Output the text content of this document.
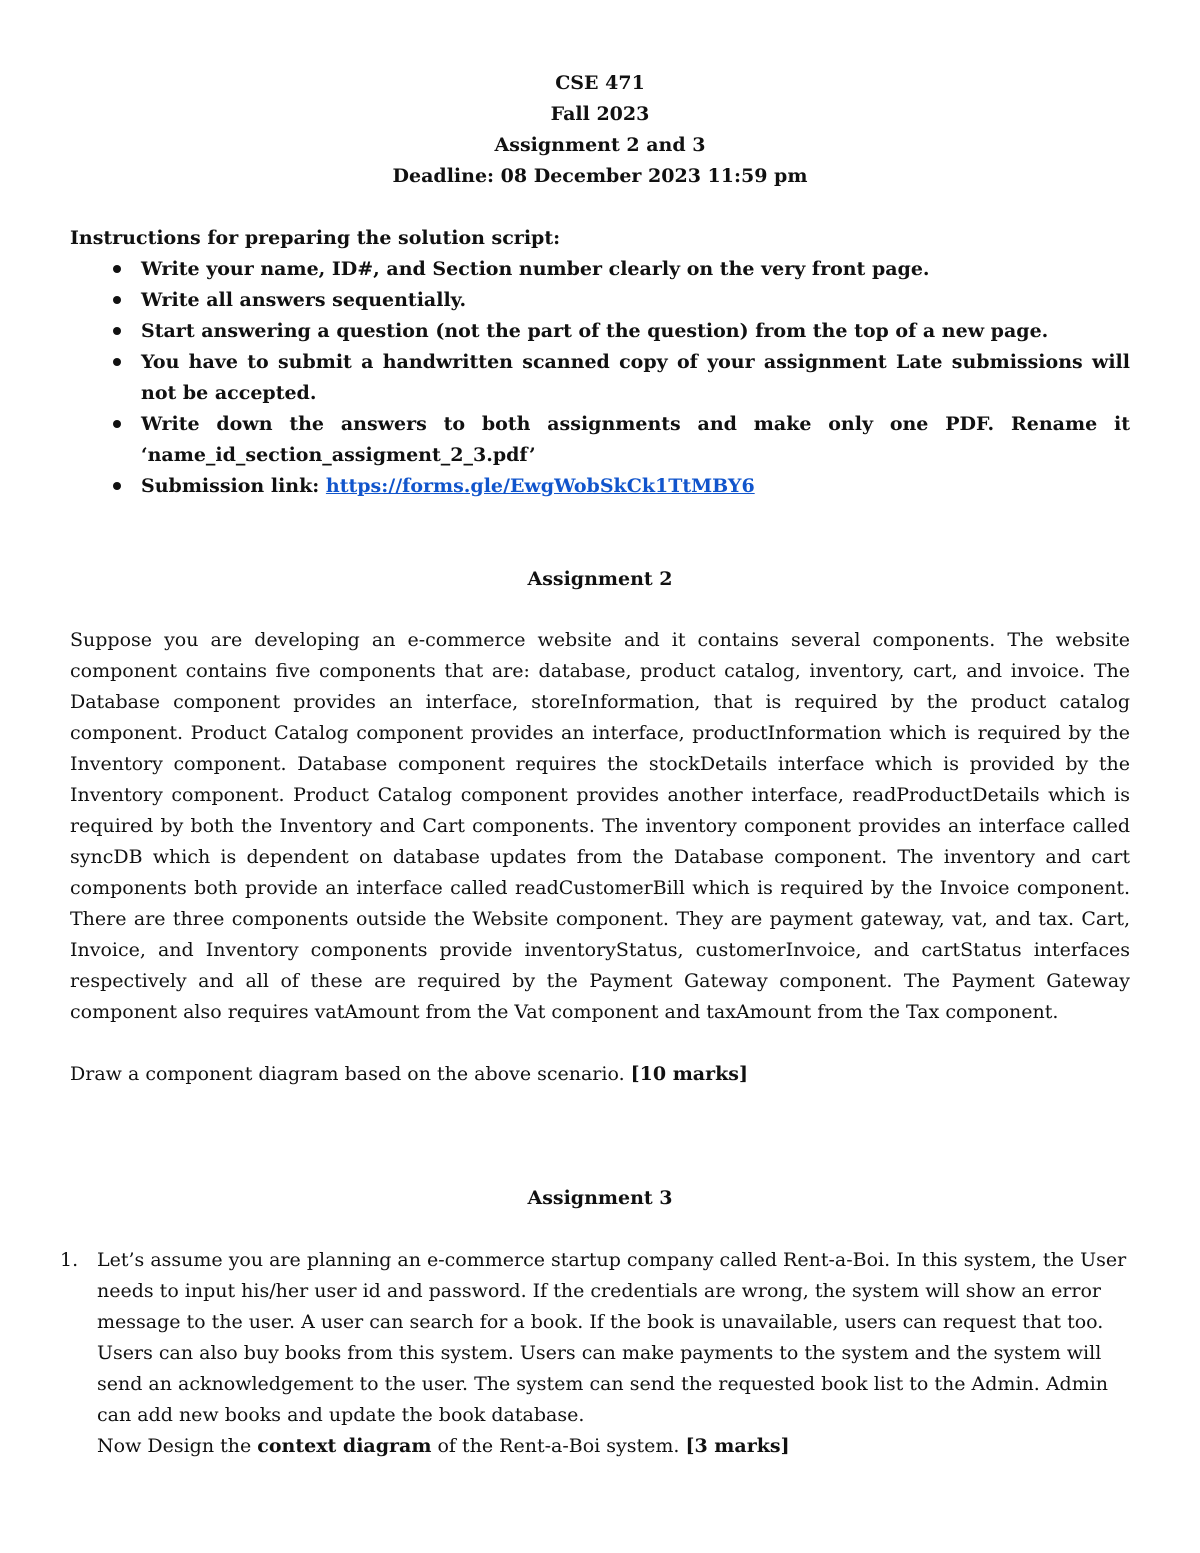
CSE 471

Fall 2023

Assignment 2 and 3

Deadline: 08 December 2023 11:59 pm

Instructions for preparing the solution script:

Write your name, ID#, and Section number clearly on the very front page.
Write all answers sequentially.
Start answering a question (not the part of the question) from the top of a new page.
You have to submit a handwritten scanned copy of your assignment Late submissions will not be accepted.
Write down the answers to both assignments and make only one PDF. Rename it
‘name_id_section_assigment_2_3.pdf’
Submission link: https://forms.gle/EwgWobSkCk1TtMBY6
Assignment 2

Suppose you are developing an e-commerce website and it contains several components. The website component contains five components that are: database, product catalog, inventory, cart, and invoice. The Database component provides an interface, storeInformation, that is required by the product catalog component. Product Catalog component provides an interface, productInformation which is required by the Inventory component. Database component requires the stockDetails interface which is provided by the Inventory component. Product Catalog component provides another interface, readProductDetails which is required by both the Inventory and Cart components. The inventory component provides an interface called syncDB which is dependent on database updates from the Database component. The inventory and cart components both provide an interface called readCustomerBill which is required by the Invoice component. There are three components outside the Website component. They are payment gateway, vat, and tax. Cart, Invoice, and Inventory components provide inventoryStatus, customerInvoice, and cartStatus interfaces respectively and all of these are required by the Payment Gateway component. The Payment Gateway component also requires vatAmount from the Vat component and taxAmount from the Tax component.

Draw a component diagram based on the above scenario. [10 marks]

Assignment 3
1. Let’s assume you are planning an e-commerce startup company called Rent-a-Boi. In this system, the User needs to input his/her user id and password. If the credentials are wrong, the system will show an error message to the user. A user can search for a book. If the book is unavailable, users can request that too. Users can also buy books from this system. Users can make payments to the system and the system will send an acknowledgement to the user. The system can send the requested book list to the Admin. Admin can add new books and update the book database.

Now Design the context diagram of the Rent-a-Boi system. [3 marks]
